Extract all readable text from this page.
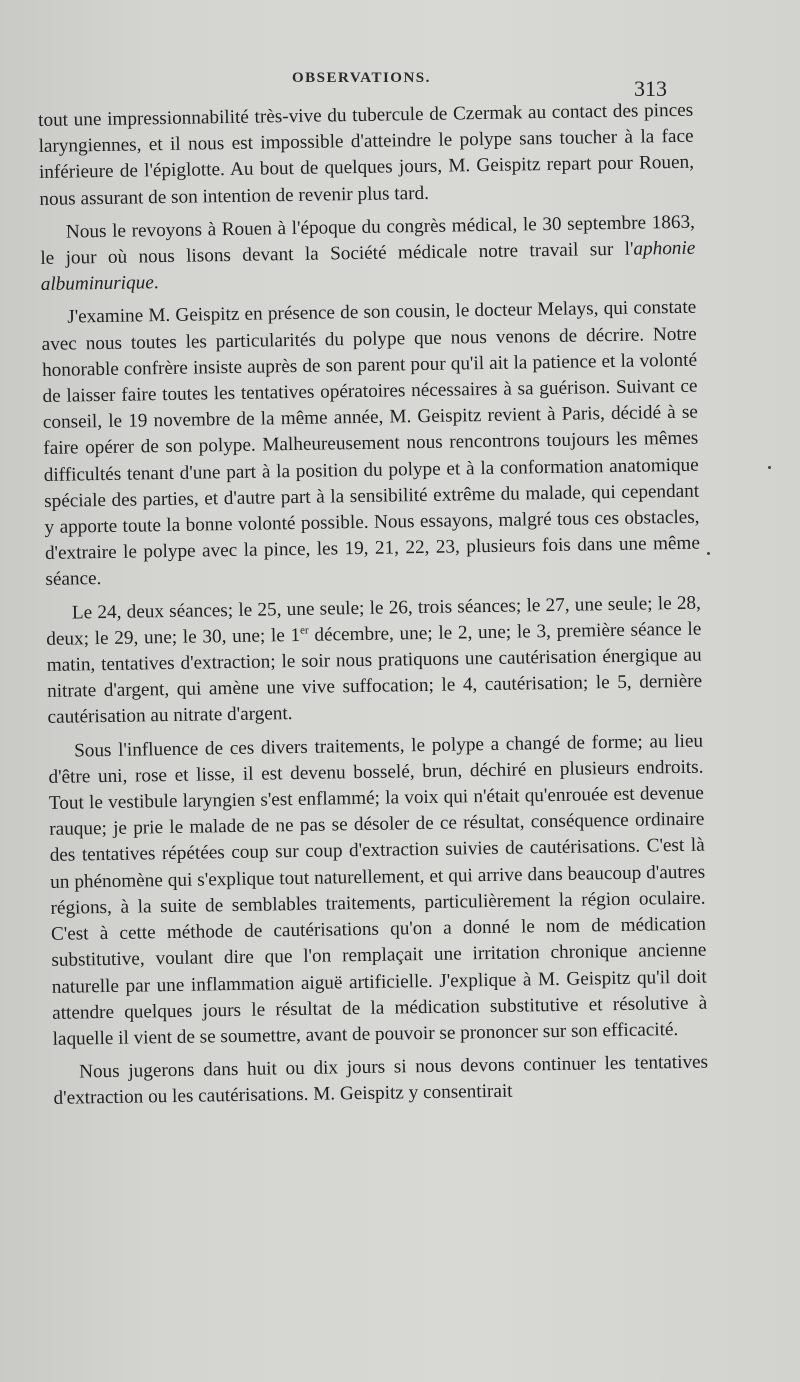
OBSERVATIONS.	313

tout une impressionnabilité très-vive du tubercule de Czermak au contact des pinces laryngiennes, et il nous est impossible d'atteindre le polype sans toucher à la face inférieure de l'épiglotte. Au bout de quelques jours, M. Geispitz repart pour Rouen, nous assurant de son intention de revenir plus tard.

Nous le revoyons à Rouen à l'époque du congrès médical, le 30 septembre 1863, le jour où nous lisons devant la Société médicale notre travail sur l'aphonie albuminurique.

J'examine M. Geispitz en présence de son cousin, le docteur Melays, qui constate avec nous toutes les particularités du polype que nous venons de décrire. Notre honorable confrère insiste auprès de son parent pour qu'il ait la patience et la volonté de laisser faire toutes les tentatives opératoires nécessaires à sa guérison. Suivant ce conseil, le 19 novembre de la même année, M. Geispitz revient à Paris, décidé à se faire opérer de son polype. Malheureusement nous rencontrons toujours les mêmes difficultés tenant d'une part à la position du polype et à la conformation anatomique spéciale des parties, et d'autre part à la sensibilité extrême du malade, qui cependant y apporte toute la bonne volonté possible. Nous essayons, malgré tous ces obstacles, d'extraire le polype avec la pince, les 19, 21, 22, 23, plusieurs fois dans une même séance.

Le 24, deux séances; le 25, une seule; le 26, trois séances; le 27, une seule; le 28, deux; le 29, une; le 30, une; le 1er décembre, une; le 2, une; le 3, première séance le matin, tentatives d'extraction; le soir nous pratiquons une cautérisation énergique au nitrate d'argent, qui amène une vive suffocation; le 4, cautérisation; le 5, dernière cautérisation au nitrate d'argent.

Sous l'influence de ces divers traitements, le polype a changé de forme; au lieu d'être uni, rose et lisse, il est devenu bosselé, brun, déchiré en plusieurs endroits. Tout le vestibule laryngien s'est enflammé; la voix qui n'était qu'enrouée est devenue rauque; je prie le malade de ne pas se désoler de ce résultat, conséquence ordinaire des tentatives répétées coup sur coup d'extraction suivies de cautérisations. C'est là un phénomène qui s'explique tout naturellement, et qui arrive dans beaucoup d'autres régions, à la suite de semblables traitements, particulièrement la région oculaire. C'est à cette méthode de cautérisations qu'on a donné le nom de médication substitutive, voulant dire que l'on remplaçait une irritation chronique ancienne naturelle par une inflammation aiguë artificielle. J'explique à M. Geispitz qu'il doit attendre quelques jours le résultat de la médication substitutive et résolutive à laquelle il vient de se soumettre, avant de pouvoir se prononcer sur son efficacité.

Nous jugerons dans huit ou dix jours si nous devons continuer les tentatives d'extraction ou les cautérisations. M. Geispitz y consentirait
